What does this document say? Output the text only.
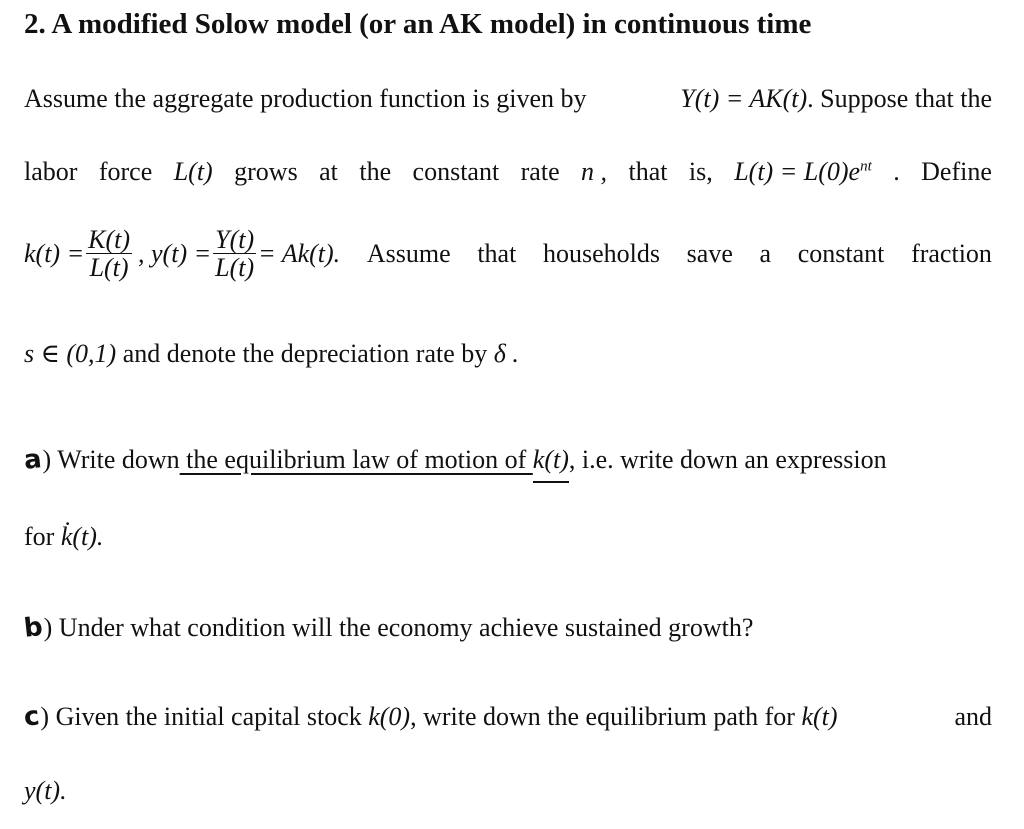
2. A modified Solow model (or an AK model) in continuous time
Assume the aggregate production function is given by	Y(t) = AK(t). Suppose that the
labor force L(t) grows at the constant rate n , that is, $L(t) = L(0)e^{nt}$ . Define
$k(t) = \frac{K(t)}{L(t)}$ , $y(t) = \frac{Y(t)}{L(t)} = Ak(t)$. Assume that households save a constant fraction
s ∈ (0,1) and denote the depreciation rate by δ .
a) Write down the equilibrium law of motion of k(t), i.e. write down an expression
for k̇(t).
b) Under what condition will the economy achieve sustained growth?
c) Given the initial capital stock k(0), write down the equilibrium path for k(t)	and
y(t).
